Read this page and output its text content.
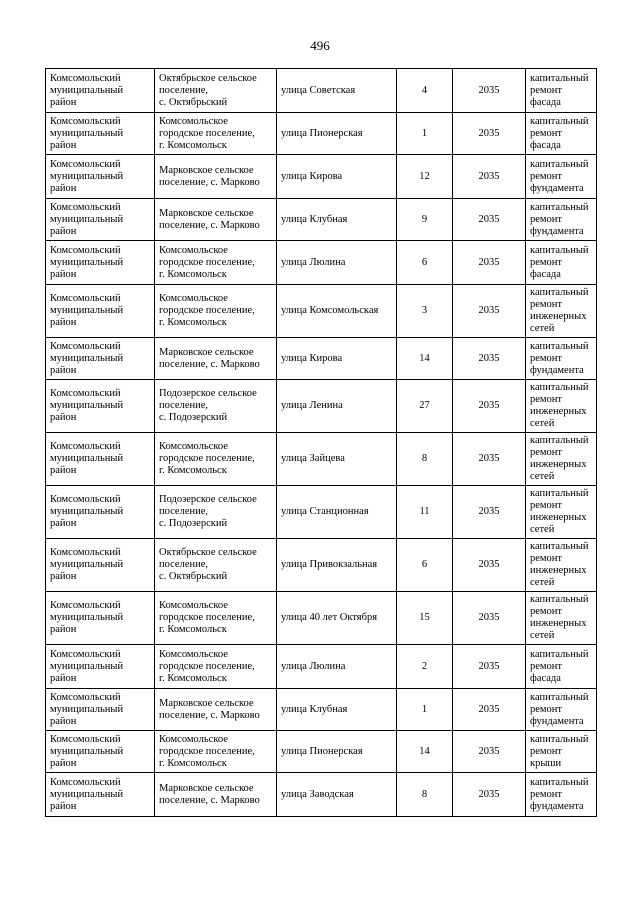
496
Комсомольский
муниципальный
район	Октябрьское сельское
поселение,
с. Октябрьский	улица Советская	4	2035	капитальный
ремонт фасада

Комсомольский
муниципальный
район	Комсомольское
городское поселение,
г. Комсомольск	улица Пионерская	1	2035	капитальный
ремонт фасада

Комсомольский
муниципальный
район	Марковское сельское
поселение, с. Марково	улица Кирова	12	2035	капитальный
ремонт
фундамента

Комсомольский
муниципальный
район	Марковское сельское
поселение, с. Марково	улица Клубная	9	2035	капитальный
ремонт
фундамента

Комсомольский
муниципальный
район	Комсомольское
городское поселение,
г. Комсомольск	улица Люлина	6	2035	капитальный
ремонт фасада

Комсомольский
муниципальный
район	Комсомольское
городское поселение,
г. Комсомольск	улица Комсомольская	3	2035	капитальный
ремонт
инженерных
сетей

Комсомольский
муниципальный
район	Марковское сельское
поселение, с. Марково	улица Кирова	14	2035	капитальный
ремонт
фундамента

Комсомольский
муниципальный
район	Подозерское сельское
поселение,
с. Подозерский	улица Ленина	27	2035	капитальный
ремонт
инженерных
сетей

Комсомольский
муниципальный
район	Комсомольское
городское поселение,
г. Комсомольск	улица Зайцева	8	2035	капитальный
ремонт
инженерных
сетей

Комсомольский
муниципальный
район	Подозерское сельское
поселение,
с. Подозерский	улица Станционная	11	2035	капитальный
ремонт
инженерных
сетей

Комсомольский
муниципальный
район	Октябрьское сельское
поселение,
с. Октябрьский	улица Привокзальная	6	2035	капитальный
ремонт
инженерных
сетей

Комсомольский
муниципальный
район	Комсомольское
городское поселение,
г. Комсомольск	улица 40 лет Октября	15	2035	капитальный
ремонт
инженерных
сетей

Комсомольский
муниципальный
район	Комсомольское
городское поселение,
г. Комсомольск	улица Люлина	2	2035	капитальный
ремонт фасада

Комсомольский
муниципальный
район	Марковское сельское
поселение, с. Марково	улица Клубная	1	2035	капитальный
ремонт
фундамента

Комсомольский
муниципальный
район	Комсомольское
городское поселение,
г. Комсомольск	улица Пионерская	14	2035	капитальный
ремонт крыши

Комсомольский
муниципальный
район	Марковское сельское
поселение, с. Марково	улица Заводская	8	2035	капитальный
ремонт
фундамента
